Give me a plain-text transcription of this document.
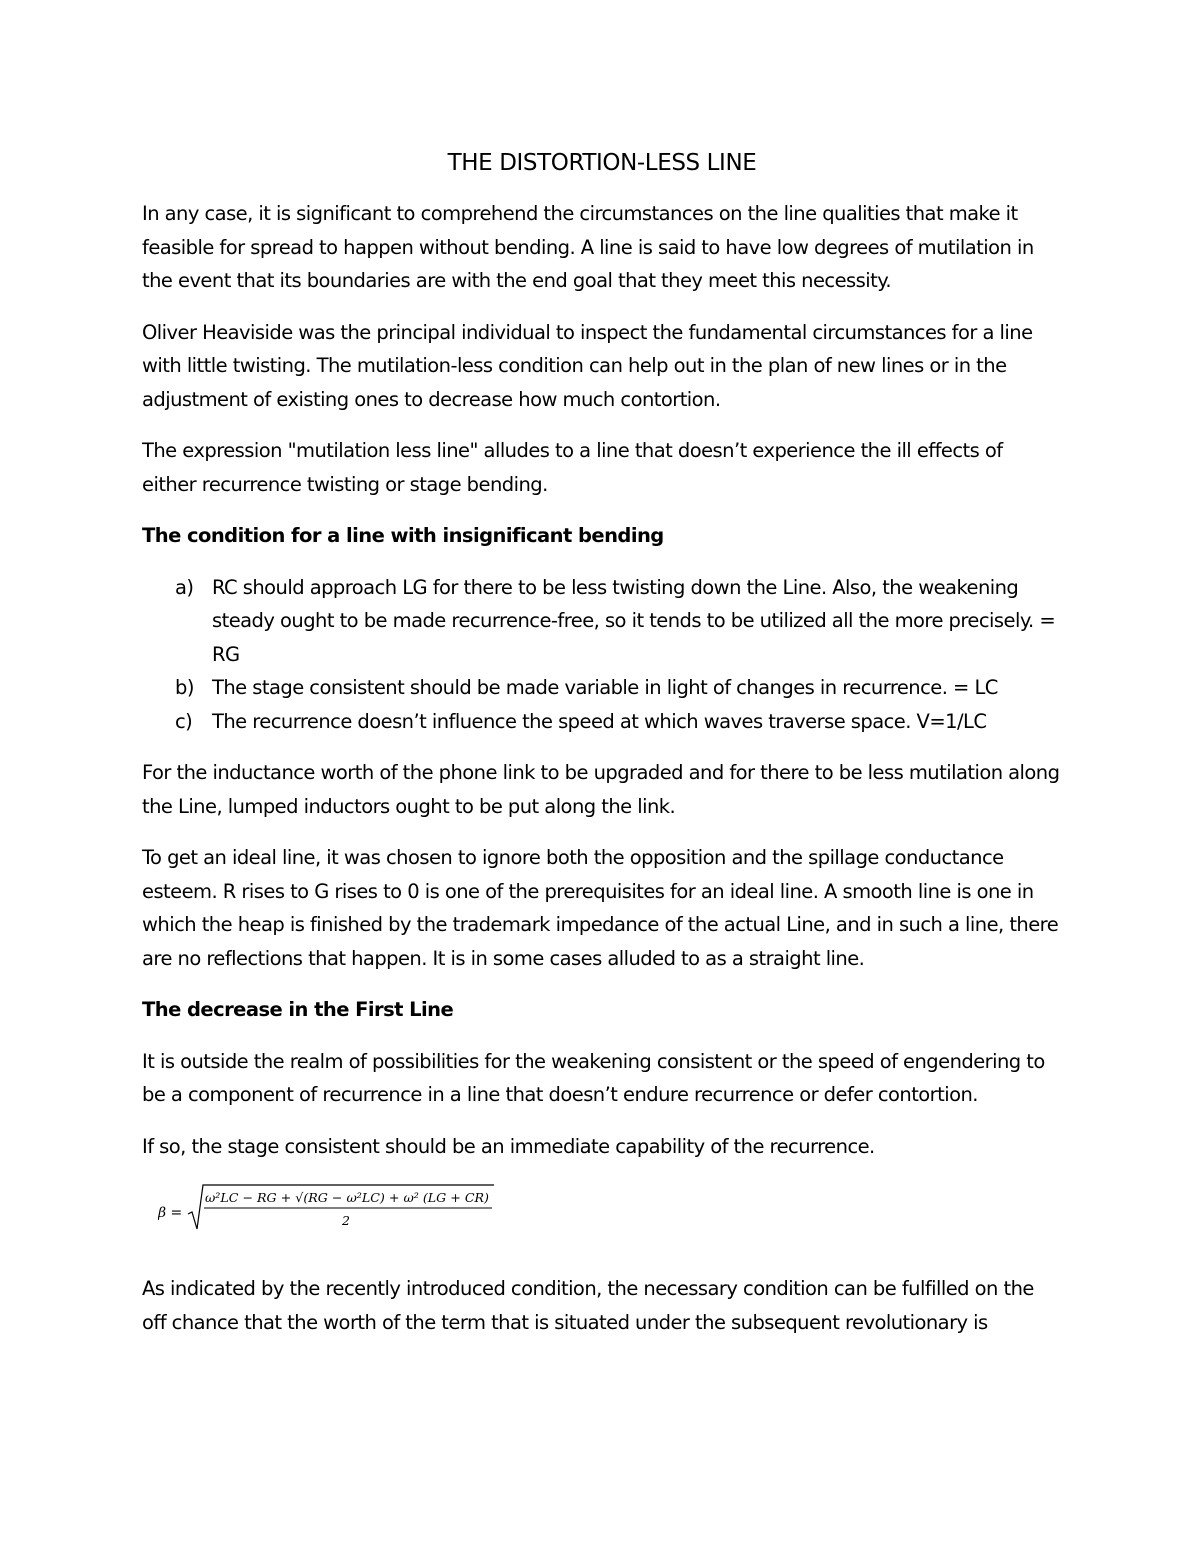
THE DISTORTION-LESS LINE

In any case, it is significant to comprehend the circumstances on the line qualities that make it feasible for spread to happen without bending. A line is said to have low degrees of mutilation in the event that its boundaries are with the end goal that they meet this necessity.

Oliver Heaviside was the principal individual to inspect the fundamental circumstances for a line with little twisting. The mutilation-less condition can help out in the plan of new lines or in the adjustment of existing ones to decrease how much contortion.

The expression "mutilation less line" alludes to a line that doesn’t experience the ill effects of either recurrence twisting or stage bending.

The condition for a line with insignificant bending
a) RC should approach LG for there to be less twisting down the Line. Also, the weakening steady ought to be made recurrence-free, so it tends to be utilized all the more precisely. = RG
b) The stage consistent should be made variable in light of changes in recurrence. = LC
c) The recurrence doesn’t influence the speed at which waves traverse space. V=1/LC

For the inductance worth of the phone link to be upgraded and for there to be less mutilation along the Line, lumped inductors ought to be put along the link.

To get an ideal line, it was chosen to ignore both the opposition and the spillage conductance esteem. R rises to G rises to 0 is one of the prerequisites for an ideal line. A smooth line is one in which the heap is finished by the trademark impedance of the actual Line, and in such a line, there are no reflections that happen. It is in some cases alluded to as a straight line.

The decrease in the First Line

It is outside the realm of possibilities for the weakening consistent or the speed of engendering to be a component of recurrence in a line that doesn’t endure recurrence or defer contortion.

If so, the stage consistent should be an immediate capability of the recurrence.

β =
ω²LC − RG + √(RG − ω²LC) + ω² (LG + CR)
2

As indicated by the recently introduced condition, the necessary condition can be fulfilled on the off chance that the worth of the term that is situated under the subsequent revolutionary is
